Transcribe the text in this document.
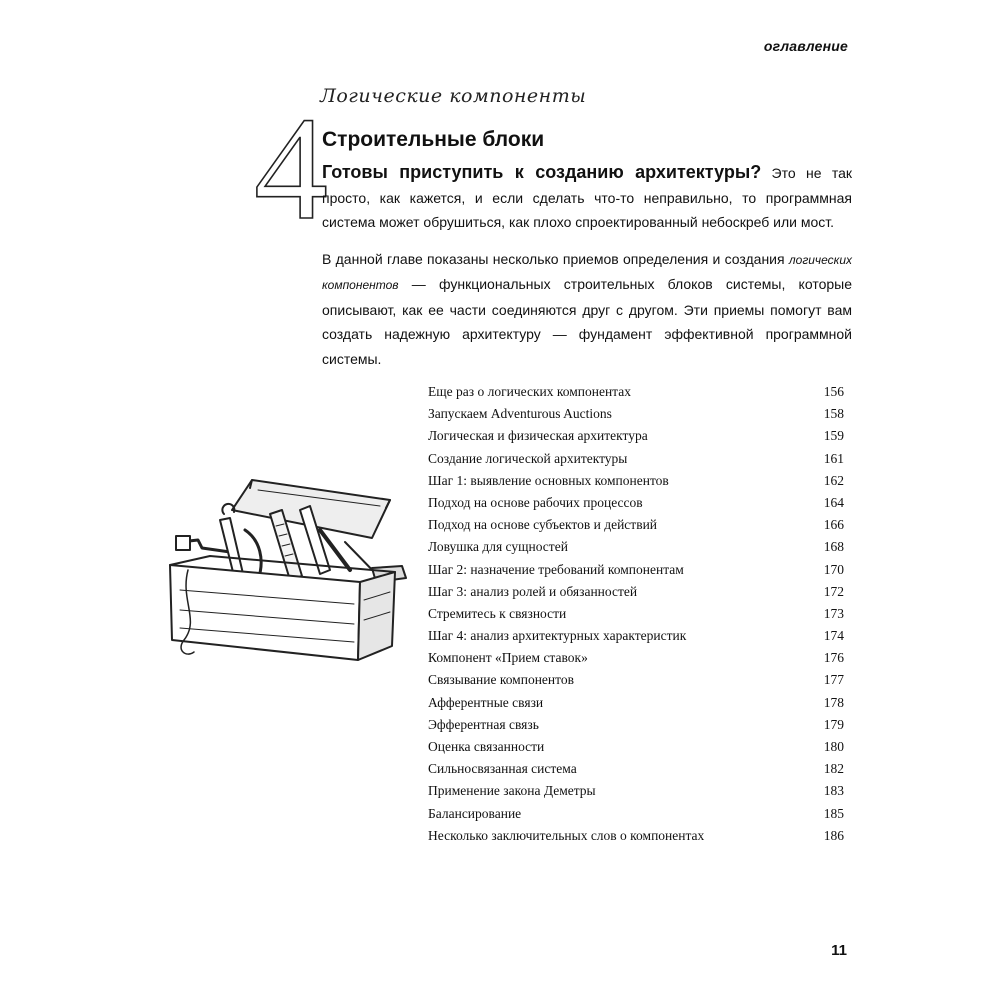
оглавление
4
Логические компоненты
Строительные блоки

Готовы приступить к созданию архитектуры? Это не так просто, как кажется, и если сделать что-то неправильно, то программная система может обрушиться, как плохо спроектированный небоскреб или мост.

В данной главе показаны несколько приемов определения и создания логических компонентов — функциональных строительных блоков системы, которые описывают, как ее части соединяются друг с другом. Эти приемы помогут вам создать надежную архитектуру — фундамент эффективной программной системы.

Еще раз о логических компонентах	156
Запускаем Adventurous Auctions	158
Логическая и физическая архитектура	159
Создание логической архитектуры	161
Шаг 1: выявление основных компонентов	162
Подход на основе рабочих процессов	164
Подход на основе субъектов и действий	166
Ловушка для сущностей	168
Шаг 2: назначение требований компонентам	170
Шаг 3: анализ ролей и обязанностей	172
Стремитесь к связности	173
Шаг 4: анализ архитектурных характеристик	174
Компонент «Прием ставок»	176
Связывание компонентов	177
Афферентные связи	178
Эфферентная связь	179
Оценка связанности	180
Сильносвязанная система	182
Применение закона Деметры	183
Балансирование	185
Несколько заключительных слов о компонентах	186
11
